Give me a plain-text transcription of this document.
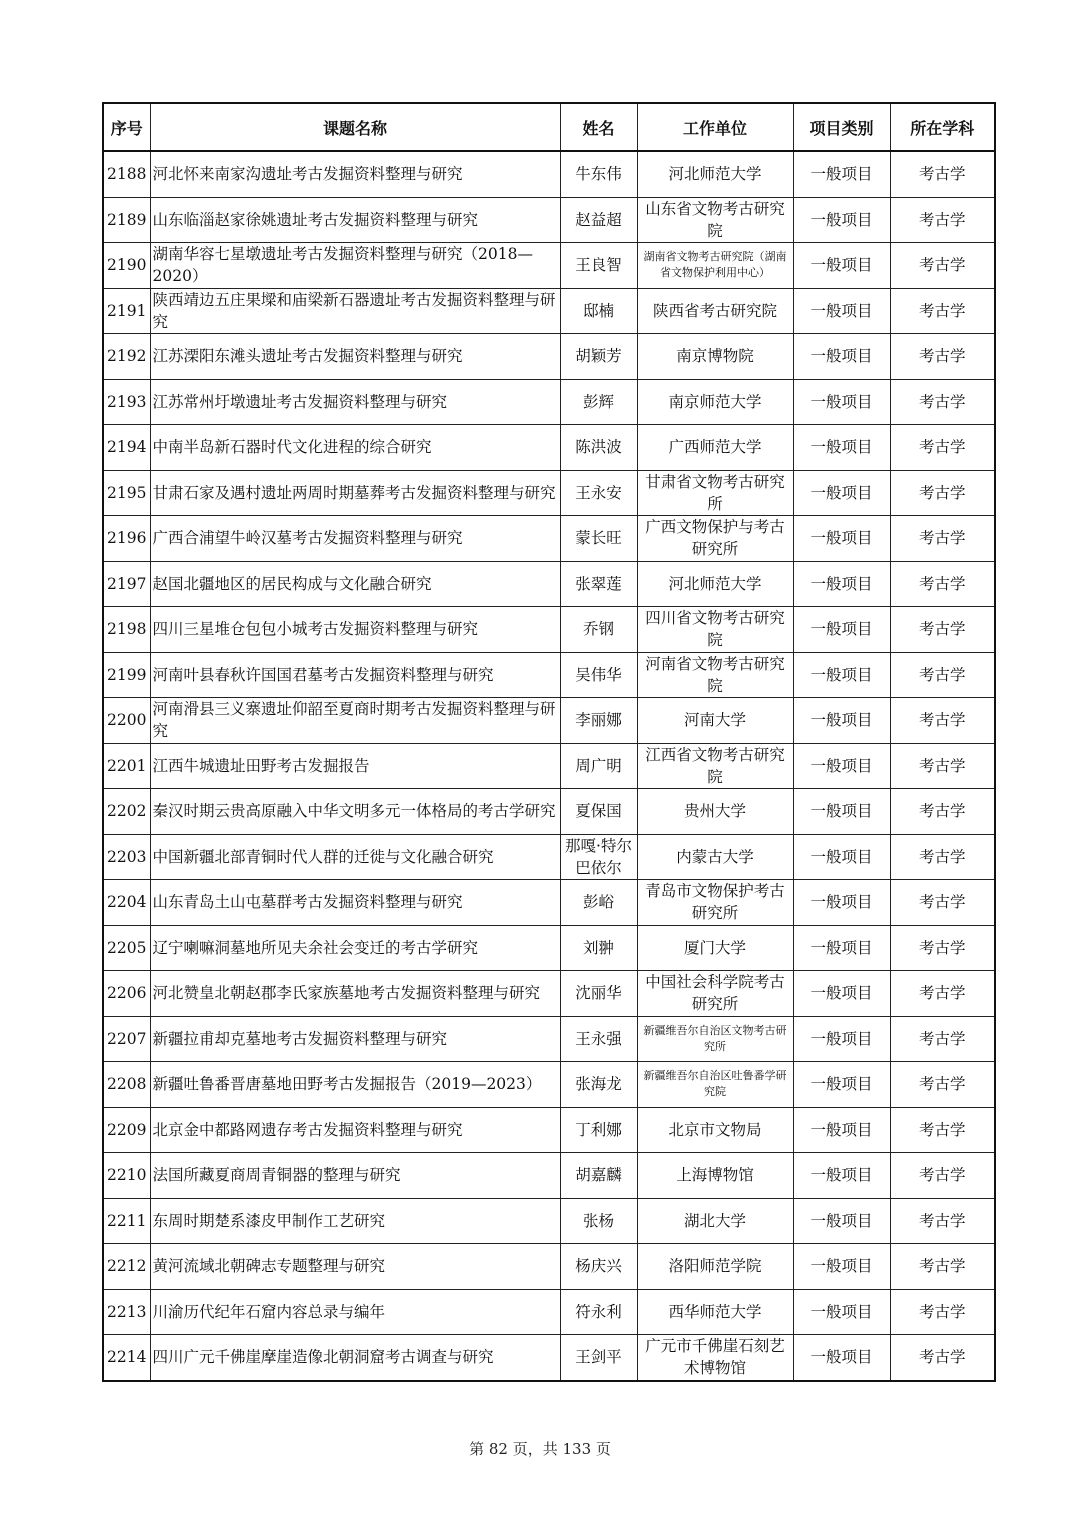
序号	课题名称	姓名	工作单位	项目类别	所在学科
2188	河北怀来南家沟遗址考古发掘资料整理与研究	牛东伟	河北师范大学	一般项目	考古学
2189	山东临淄赵家徐姚遗址考古发掘资料整理与研究	赵益超	山东省文物考古研究院	一般项目	考古学
2190	湖南华容七星墩遗址考古发掘资料整理与研究（2018—2020）	王良智	湖南省文物考古研究院（湖南省文物保护利用中心）	一般项目	考古学
2191	陕西靖边五庄果墚和庙梁新石器遗址考古发掘资料整理与研究	邸楠	陕西省考古研究院	一般项目	考古学
2192	江苏溧阳东滩头遗址考古发掘资料整理与研究	胡颖芳	南京博物院	一般项目	考古学
2193	江苏常州圩墩遗址考古发掘资料整理与研究	彭辉	南京师范大学	一般项目	考古学
2194	中南半岛新石器时代文化进程的综合研究	陈洪波	广西师范大学	一般项目	考古学
2195	甘肃石家及遇村遗址两周时期墓葬考古发掘资料整理与研究	王永安	甘肃省文物考古研究所	一般项目	考古学
2196	广西合浦望牛岭汉墓考古发掘资料整理与研究	蒙长旺	广西文物保护与考古研究所	一般项目	考古学
2197	赵国北疆地区的居民构成与文化融合研究	张翠莲	河北师范大学	一般项目	考古学
2198	四川三星堆仓包包小城考古发掘资料整理与研究	乔钢	四川省文物考古研究院	一般项目	考古学
2199	河南叶县春秋许国国君墓考古发掘资料整理与研究	吴伟华	河南省文物考古研究院	一般项目	考古学
2200	河南滑县三义寨遗址仰韶至夏商时期考古发掘资料整理与研究	李丽娜	河南大学	一般项目	考古学
2201	江西牛城遗址田野考古发掘报告	周广明	江西省文物考古研究院	一般项目	考古学
2202	秦汉时期云贵高原融入中华文明多元一体格局的考古学研究	夏保国	贵州大学	一般项目	考古学
2203	中国新疆北部青铜时代人群的迁徙与文化融合研究	那嘎·特尔巴依尔	内蒙古大学	一般项目	考古学
2204	山东青岛土山屯墓群考古发掘资料整理与研究	彭峪	青岛市文物保护考古研究所	一般项目	考古学
2205	辽宁喇嘛洞墓地所见夫余社会变迁的考古学研究	刘翀	厦门大学	一般项目	考古学
2206	河北赞皇北朝赵郡李氏家族墓地考古发掘资料整理与研究	沈丽华	中国社会科学院考古研究所	一般项目	考古学
2207	新疆拉甫却克墓地考古发掘资料整理与研究	王永强	新疆维吾尔自治区文物考古研究所	一般项目	考古学
2208	新疆吐鲁番晋唐墓地田野考古发掘报告（2019—2023）	张海龙	新疆维吾尔自治区吐鲁番学研究院	一般项目	考古学
2209	北京金中都路网遗存考古发掘资料整理与研究	丁利娜	北京市文物局	一般项目	考古学
2210	法国所藏夏商周青铜器的整理与研究	胡嘉麟	上海博物馆	一般项目	考古学
2211	东周时期楚系漆皮甲制作工艺研究	张杨	湖北大学	一般项目	考古学
2212	黄河流域北朝碑志专题整理与研究	杨庆兴	洛阳师范学院	一般项目	考古学
2213	川渝历代纪年石窟内容总录与编年	符永利	西华师范大学	一般项目	考古学
2214	四川广元千佛崖摩崖造像北朝洞窟考古调查与研究	王剑平	广元市千佛崖石刻艺术博物馆	一般项目	考古学
第 82 页，共 133 页
